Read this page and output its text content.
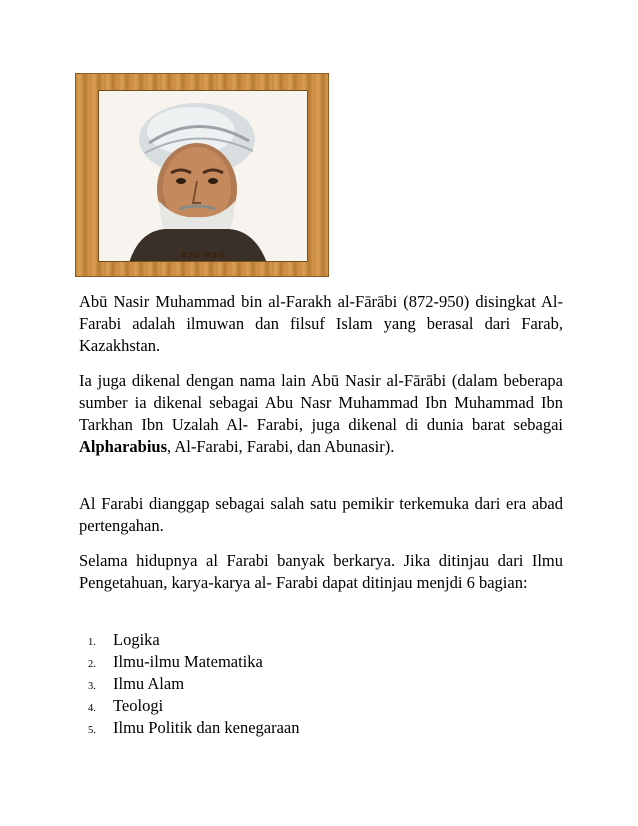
870-950

Abū Nasir Muhammad bin al-Farakh al-Fārābi (872-950) disingkat Al-Farabi adalah ilmuwan dan filsuf Islam yang berasal dari Farab, Kazakhstan.

Ia juga dikenal dengan nama lain Abū Nasir al-Fārābi (dalam beberapa sumber ia dikenal sebagai Abu Nasr Muhammad Ibn Muhammad Ibn Tarkhan Ibn Uzalah Al- Farabi, juga dikenal di dunia barat sebagai Alpharabius, Al-Farabi, Farabi, dan Abunasir).

Al Farabi dianggap sebagai salah satu pemikir terkemuka dari era abad pertengahan.

Selama hidupnya al Farabi banyak berkarya. Jika ditinjau dari Ilmu Pengetahuan, karya-karya al- Farabi dapat ditinjau menjdi 6 bagian:

1. Logika
2. Ilmu-ilmu Matematika
3. Ilmu Alam
4. Teologi
5. Ilmu Politik dan kenegaraan
